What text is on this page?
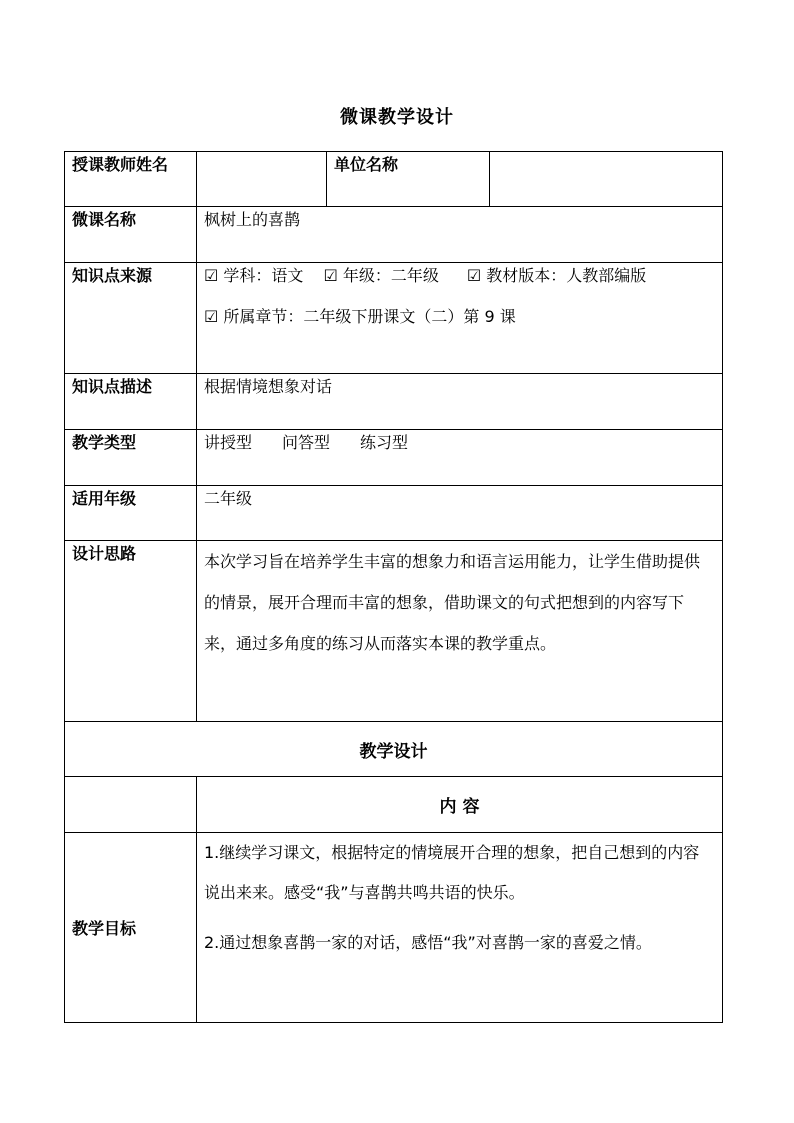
微课教学设计
授课教师姓名		单位名称	
微课名称	枫树上的喜鹊		
知识点来源	☑ 学科：语文 ☑ 年级：二年级 ☑ 教材版本：人教部编版
☑ 所属章节：二年级下册课文（二）第 9 课		

知识点描述	根据情境想象对话		
教学类型	讲授型 问答型 练习型		
适用年级	二年级		
设计思路	本次学习旨在培养学生丰富的想象力和语言运用能力，让学生借助提供的情景，展开合理而丰富的想象，借助课文的句式把想到的内容写下来，通过多角度的练习从而落实本课的教学重点。		
教学设计			
	内 容		
教学目标	1.继续学习课文，根据特定的情境展开合理的想象，把自己想到的内容说出来来。感受“我”与喜鹊共鸣共语的快乐。

2.通过想象喜鹊一家的对话，感悟“我”对喜鹊一家的喜爱之情。		
